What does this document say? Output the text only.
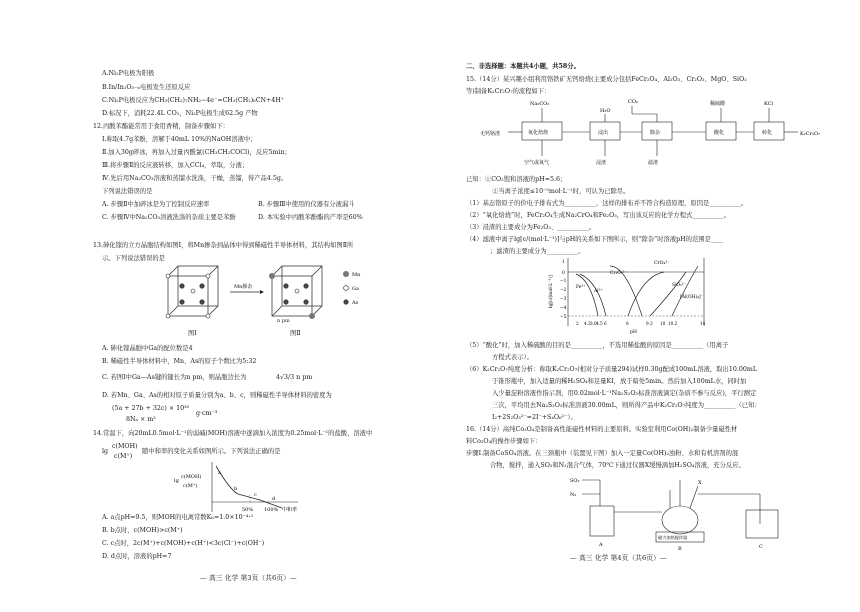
A.Ni₂P电极为阳极
B.In/In₂O₃₋ₓ电极发生还原反应
C.Ni₂P电极反应为CH₃(CH₂)₇NH₂−4e⁻=CH₃(CH₂)₆CN+4H⁺
D.标况下，消耗22.4L CO₂，Ni₂P电极生成62.5g 产物
12.丙酸苯酯能常用于食用香精，制备步骤如下：
Ⅰ.称取4.7g苯酚，溶解于40mL 10%的NaOH溶液中；
Ⅱ.加入30g碎冰，再加入过量丙酰氯(CH₃CH₂COCl)，反应5min；
Ⅲ.将步骤Ⅱ的反应液转移，加入CCl₄，萃取，分液；
Ⅳ.先后用Na₂CO₃溶液和蒸馏水洗涤，干燥，蒸馏，得产品4.5g。
下列说法错误的是
A. 步骤Ⅱ中加碎冰是为了控制反应速率	B. 步骤Ⅲ中使用的仪器有分液漏斗
C. 步骤Ⅳ中Na₂CO₃溶液洗涤的杂质主要是苯酚	D. 本实验中丙酸苯酚酯的产率是60%
13.砷化镓的立方晶胞结构如图Ⅰ，将Mn掺杂到晶体中得到稀磁性半导体材料，其结构如图Ⅱ所
示。下列说法错误的是
Mn掺杂
Mn
Ga
As
n pm
图Ⅰ	图Ⅱ
A. 砷化镓晶胞中Ga的配位数是4
B. 稀磁性半导体材料中，Mn、As的原子个数比为5:32
C. 若图Ⅰ中Ga—As键的键长为n pm，则晶胞边长为	4√3/3 n pm
D. 若Mn、Ga、As的相对原子质量分别为a、b、c，则稀磁性半导体材料的密度为
(5a + 27b + 32c) × 10³⁰
8Nₐ × m³
g·cm⁻³
14.常温下，向20mL0.5mol·L⁻¹的弱碱(MOH)溶液中逐滴加入浓度为0.25mol·L⁻¹的盐酸，溶液中
lg
c(MOH)
c(M⁺)
随中和率的变化关系如图所示。下列说法正确的是
lg
c(MOH)
c(M⁺)
a
b
c
d
50% 100% 中和率
A. a点pH=9.5，则MOH的电离常数Kₕ=1.0×10⁻⁴·⁵
B. b点时，c(MOH)>c(M⁺)
C. c点时，2c(M⁺)+c(MOH)+c(H⁺)<3c(Cl⁻)+c(OH⁻)
D. d点时，溶液的pH=7
— 高三 化学 第3页（共6页）—
二、非选择题：本题共4小题，共58分。
15.（14分）某兴趣小组利用铬铁矿无钙焙烧(主要成分包括FeCr₂O₄、Al₂O₃、Cr₂O₃、MgO、SiO₂
等)制备K₂Cr₂O₇的流程如下：
无钙铬渣	氧化焙烧	浸出	除杂	酸化	转化	K₂Cr₂O₇
Na₂CO₃	CO₂
H₂O
稀硫酸	KCl
空气或氧气	浸渣	滤渣
已知：①CO₂饱和溶液的pH=5.6；
②当离子浓度≤10⁻⁵mol·L⁻¹时，可认为已除尽。
（1）基态铬原子的价电子排布式为__________，这样的排布并不符合构造原理，原因是__________。
（2）“氧化焙烧”时，FeCr₂O₄生成Na₂CrO₄和Fe₂O₃，写出该反应的化学方程式__________。
（3）浸渣的主要成分为Fe₂O₃、__________。
（4）滤液中离子lg[c/(mol·L⁻¹)]与pH的关系如下图所示，则“除杂”时溶液pH的范围是____
；滤渣的主要成分为__________。
lg[c/(mol·L⁻¹)]
1
0
−1
−2
−3
−4
−5
CrO₄²⁻
Cr₂O₇²⁻
Al³⁺
Fe³⁺	SiO₃²⁻
[Al(OH)₄]⁻
2 4.3	6	8	10	14
9.3	10.2
3.0 4.5
pH
（5）“酸化”时，加入稀硫酸的目的是__________，不选用稀盐酸的原因是__________（用离子
方程式表示）。
（6）K₂Cr₂O₇纯度分析：称取K₂Cr₂O₇(相对分子质量294)试样0.30g配成100mL溶液，取出10.00mL
于锥形瓶中，加入适量的稀H₂SO₄和足量KI，放于暗处5min。然后加入100mL水，同时加
入少量淀粉溶液作指示剂，用0.02mol·L⁻¹Na₂S₂O₃标准溶液滴定(杂质不参与反应)，平行测定
三次，平均用去Na₂S₂O₃标准溶液30.00mL，则所得产品中K₂Cr₂O₇纯度为__________（已知：
I₂+2S₂O₃²⁻=2I⁻+S₄O₆²⁻）。
16.（14分）高纯Co₃O₄是制备高性能磁性材料的主要原料。实验室利用Co(OH)₂制备少量磁性材
料Co₃O₄的操作步骤如下：
步骤Ⅰ.制备CoSO₄溶液。在三颈瓶中（装置见下图）加入一定量Co(OH)₂浊粉、水和有机溶剂的混
合物，搅拌，通入SO₂和N₂混合气体，70℃下通过仪器X缓慢滴加H₂SO₄溶液，充分反应。
SO₂
N₂
A
X
磁力加热搅拌器
B	C
— 高三 化学 第4页（共6页）—
